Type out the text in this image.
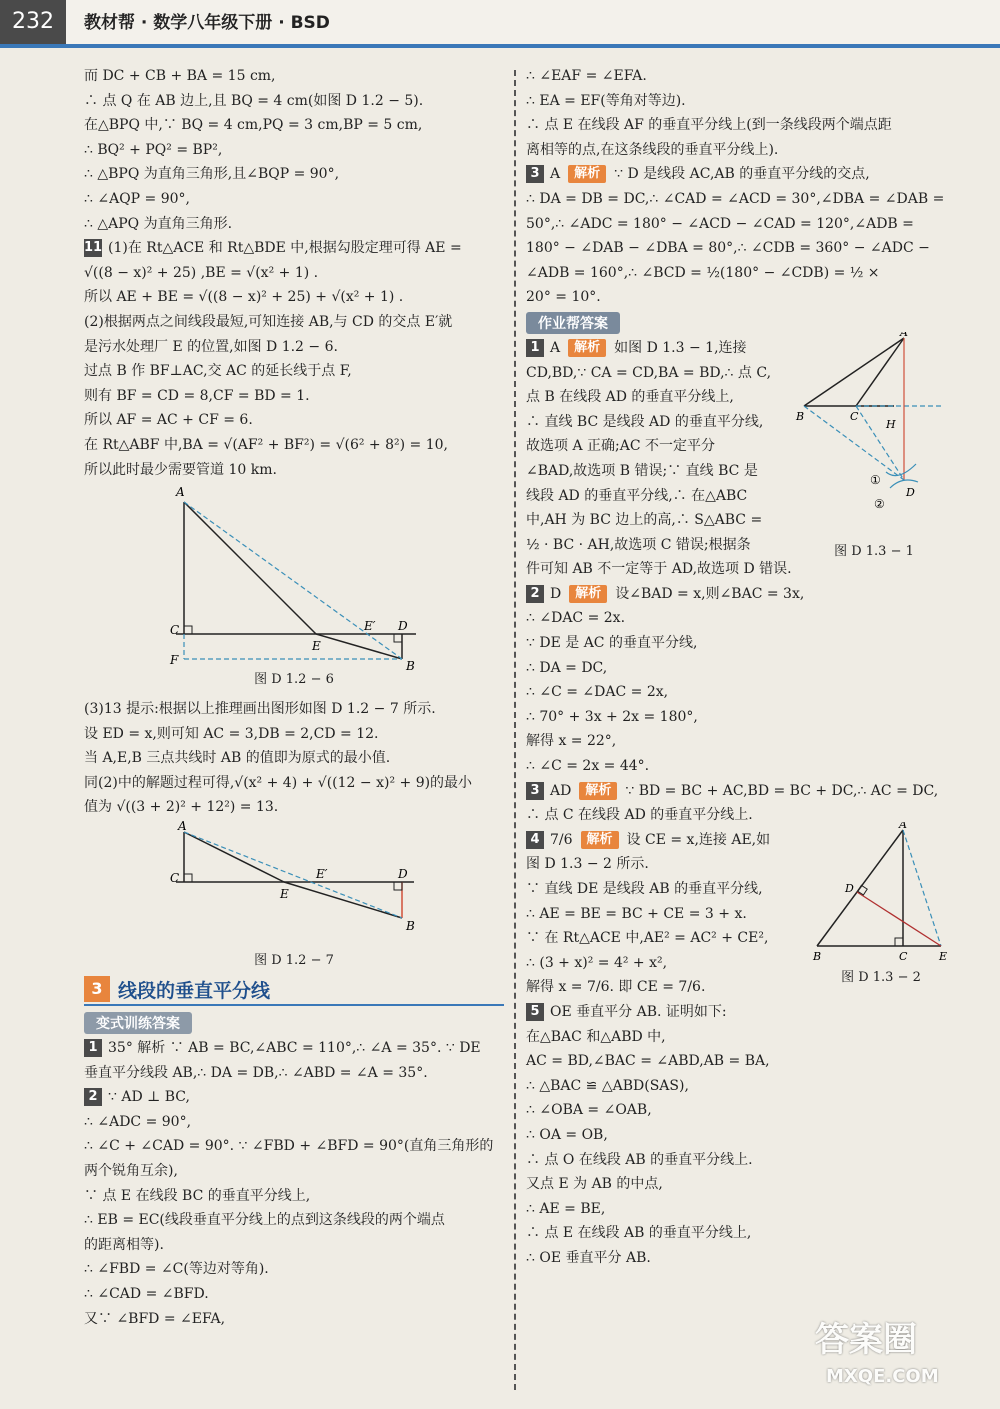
232	教材帮 · 数学八年级下册 · BSD
而 DC + CB + BA = 15 cm,
∴ 点 Q 在 AB 边上,且 BQ = 4 cm(如图 D 1.2 − 5).
在△BPQ 中,∵ BQ = 4 cm,PQ = 3 cm,BP = 5 cm,
∴ BQ² + PQ² = BP²,
∴ △BPQ 为直角三角形,且∠BQP = 90°,
∴ ∠AQP = 90°,
∴ △APQ 为直角三角形.
11 (1)在 Rt△ACE 和 Rt△BDE 中,根据勾股定理可得 AE =
√((8 − x)² + 25) ,BE = √(x² + 1) .
所以 AE + BE = √((8 − x)² + 25) + √(x² + 1) .
(2)根据两点之间线段最短,可知连接 AB,与 CD 的交点 E′就
是污水处理厂 E 的位置,如图 D 1.2 − 6.
过点 B 作 BF⊥AC,交 AC 的延长线于点 F,
则有 BF = CD = 8,CF = BD = 1.
所以 AF = AC + CF = 6.
在 Rt△ABF 中,BA = √(AF² + BF²) = √(6² + 8²) = 10,
所以此时最少需要管道 10 km.
A
C
F
E
E′ D
B
图 D 1.2 − 6
(3)13 提示:根据以上推理画出图形如图 D 1.2 − 7 所示.
设 ED = x,则可知 AC = 3,DB = 2,CD = 12.
当 A,E,B 三点共线时 AB 的值即为原式的最小值.
同(2)中的解题过程可得,√(x² + 4) + √((12 − x)² + 9)的最小
值为 √((3 + 2)² + 12²) = 13.
A
C
E
E′	D
B
图 D 1.2 − 7
3 线段的垂直平分线
变式训练答案
1 35° 解析 ∵ AB = BC,∠ABC = 110°,∴ ∠A = 35°. ∵ DE
垂直平分线段 AB,∴ DA = DB,∴ ∠ABD = ∠A = 35°.
2 ∵ AD ⊥ BC,
∴ ∠ADC = 90°,
∴ ∠C + ∠CAD = 90°. ∵ ∠FBD + ∠BFD = 90°(直角三角形的
两个锐角互余),
∵ 点 E 在线段 BC 的垂直平分线上,
∴ EB = EC(线段垂直平分线上的点到这条线段的两个端点
的距离相等).
∴ ∠FBD = ∠C(等边对等角).
∴ ∠CAD = ∠BFD.
又∵ ∠BFD = ∠EFA,
∴ ∠EAF = ∠EFA.
∴ EA = EF(等角对等边).
∴ 点 E 在线段 AF 的垂直平分线上(到一条线段两个端点距
离相等的点,在这条线段的垂直平分线上).
3 A 解析 ∵ D 是线段 AC,AB 的垂直平分线的交点,
∴ DA = DB = DC,∴ ∠CAD = ∠ACD = 30°,∠DBA = ∠DAB =
50°,∴ ∠ADC = 180° − ∠ACD − ∠CAD = 120°,∠ADB =
180° − ∠DAB − ∠DBA = 80°,∴ ∠CDB = 360° − ∠ADC −
∠ADB = 160°,∴ ∠BCD = ½(180° − ∠CDB) = ½ ×
20° = 10°.
作业帮答案
1 A 解析 如图 D 1.3 − 1,连接
CD,BD,∵ CA = CD,BA = BD,∴ 点 C,
点 B 在线段 AD 的垂直平分线上,
∴ 直线 BC 是线段 AD 的垂直平分线,
故选项 A 正确;AC 不一定平分
∠BAD,故选项 B 错误;∵ 直线 BC 是
线段 AD 的垂直平分线,∴ 在△ABC
中,AH 为 BC 边上的高,∴ S△ABC =
½ · BC · AH,故选项 C 错误;根据条
件可知 AB 不一定等于 AD,故选项 D 错误.
A
B	C
H
D
①
②
图 D 1.3 − 1
2 D 解析 设∠BAD = x,则∠BAC = 3x,
∴ ∠DAC = 2x.
∵ DE 是 AC 的垂直平分线,
∴ DA = DC,
∴ ∠C = ∠DAC = 2x,
∴ 70° + 3x + 2x = 180°,
解得 x = 22°,
∴ ∠C = 2x = 44°.
3 AD 解析 ∵ BD = BC + AC,BD = BC + DC,∴ AC = DC,
∴ 点 C 在线段 AD 的垂直平分线上.
4 7/6 解析 设 CE = x,连接 AE,如
图 D 1.3 − 2 所示.
∵ 直线 DE 是线段 AB 的垂直平分线,
∴ AE = BE = BC + CE = 3 + x.
∵ 在 Rt△ACE 中,AE² = AC² + CE²,
∴ (3 + x)² = 4² + x²,
解得 x = 7/6. 即 CE = 7/6.
A
D
B	C	E
图 D 1.3 − 2
5 OE 垂直平分 AB. 证明如下:
在△BAC 和△ABD 中,
AC = BD,∠BAC = ∠ABD,AB = BA,
∴ △BAC ≌ △ABD(SAS),
∴ ∠OBA = ∠OAB,
∴ OA = OB,
∴ 点 O 在线段 AB 的垂直平分线上.
又点 E 为 AB 的中点,
∴ AE = BE,
∴ 点 E 在线段 AB 的垂直平分线上,
∴ OE 垂直平分 AB.
答案圈
MXQE.COM
